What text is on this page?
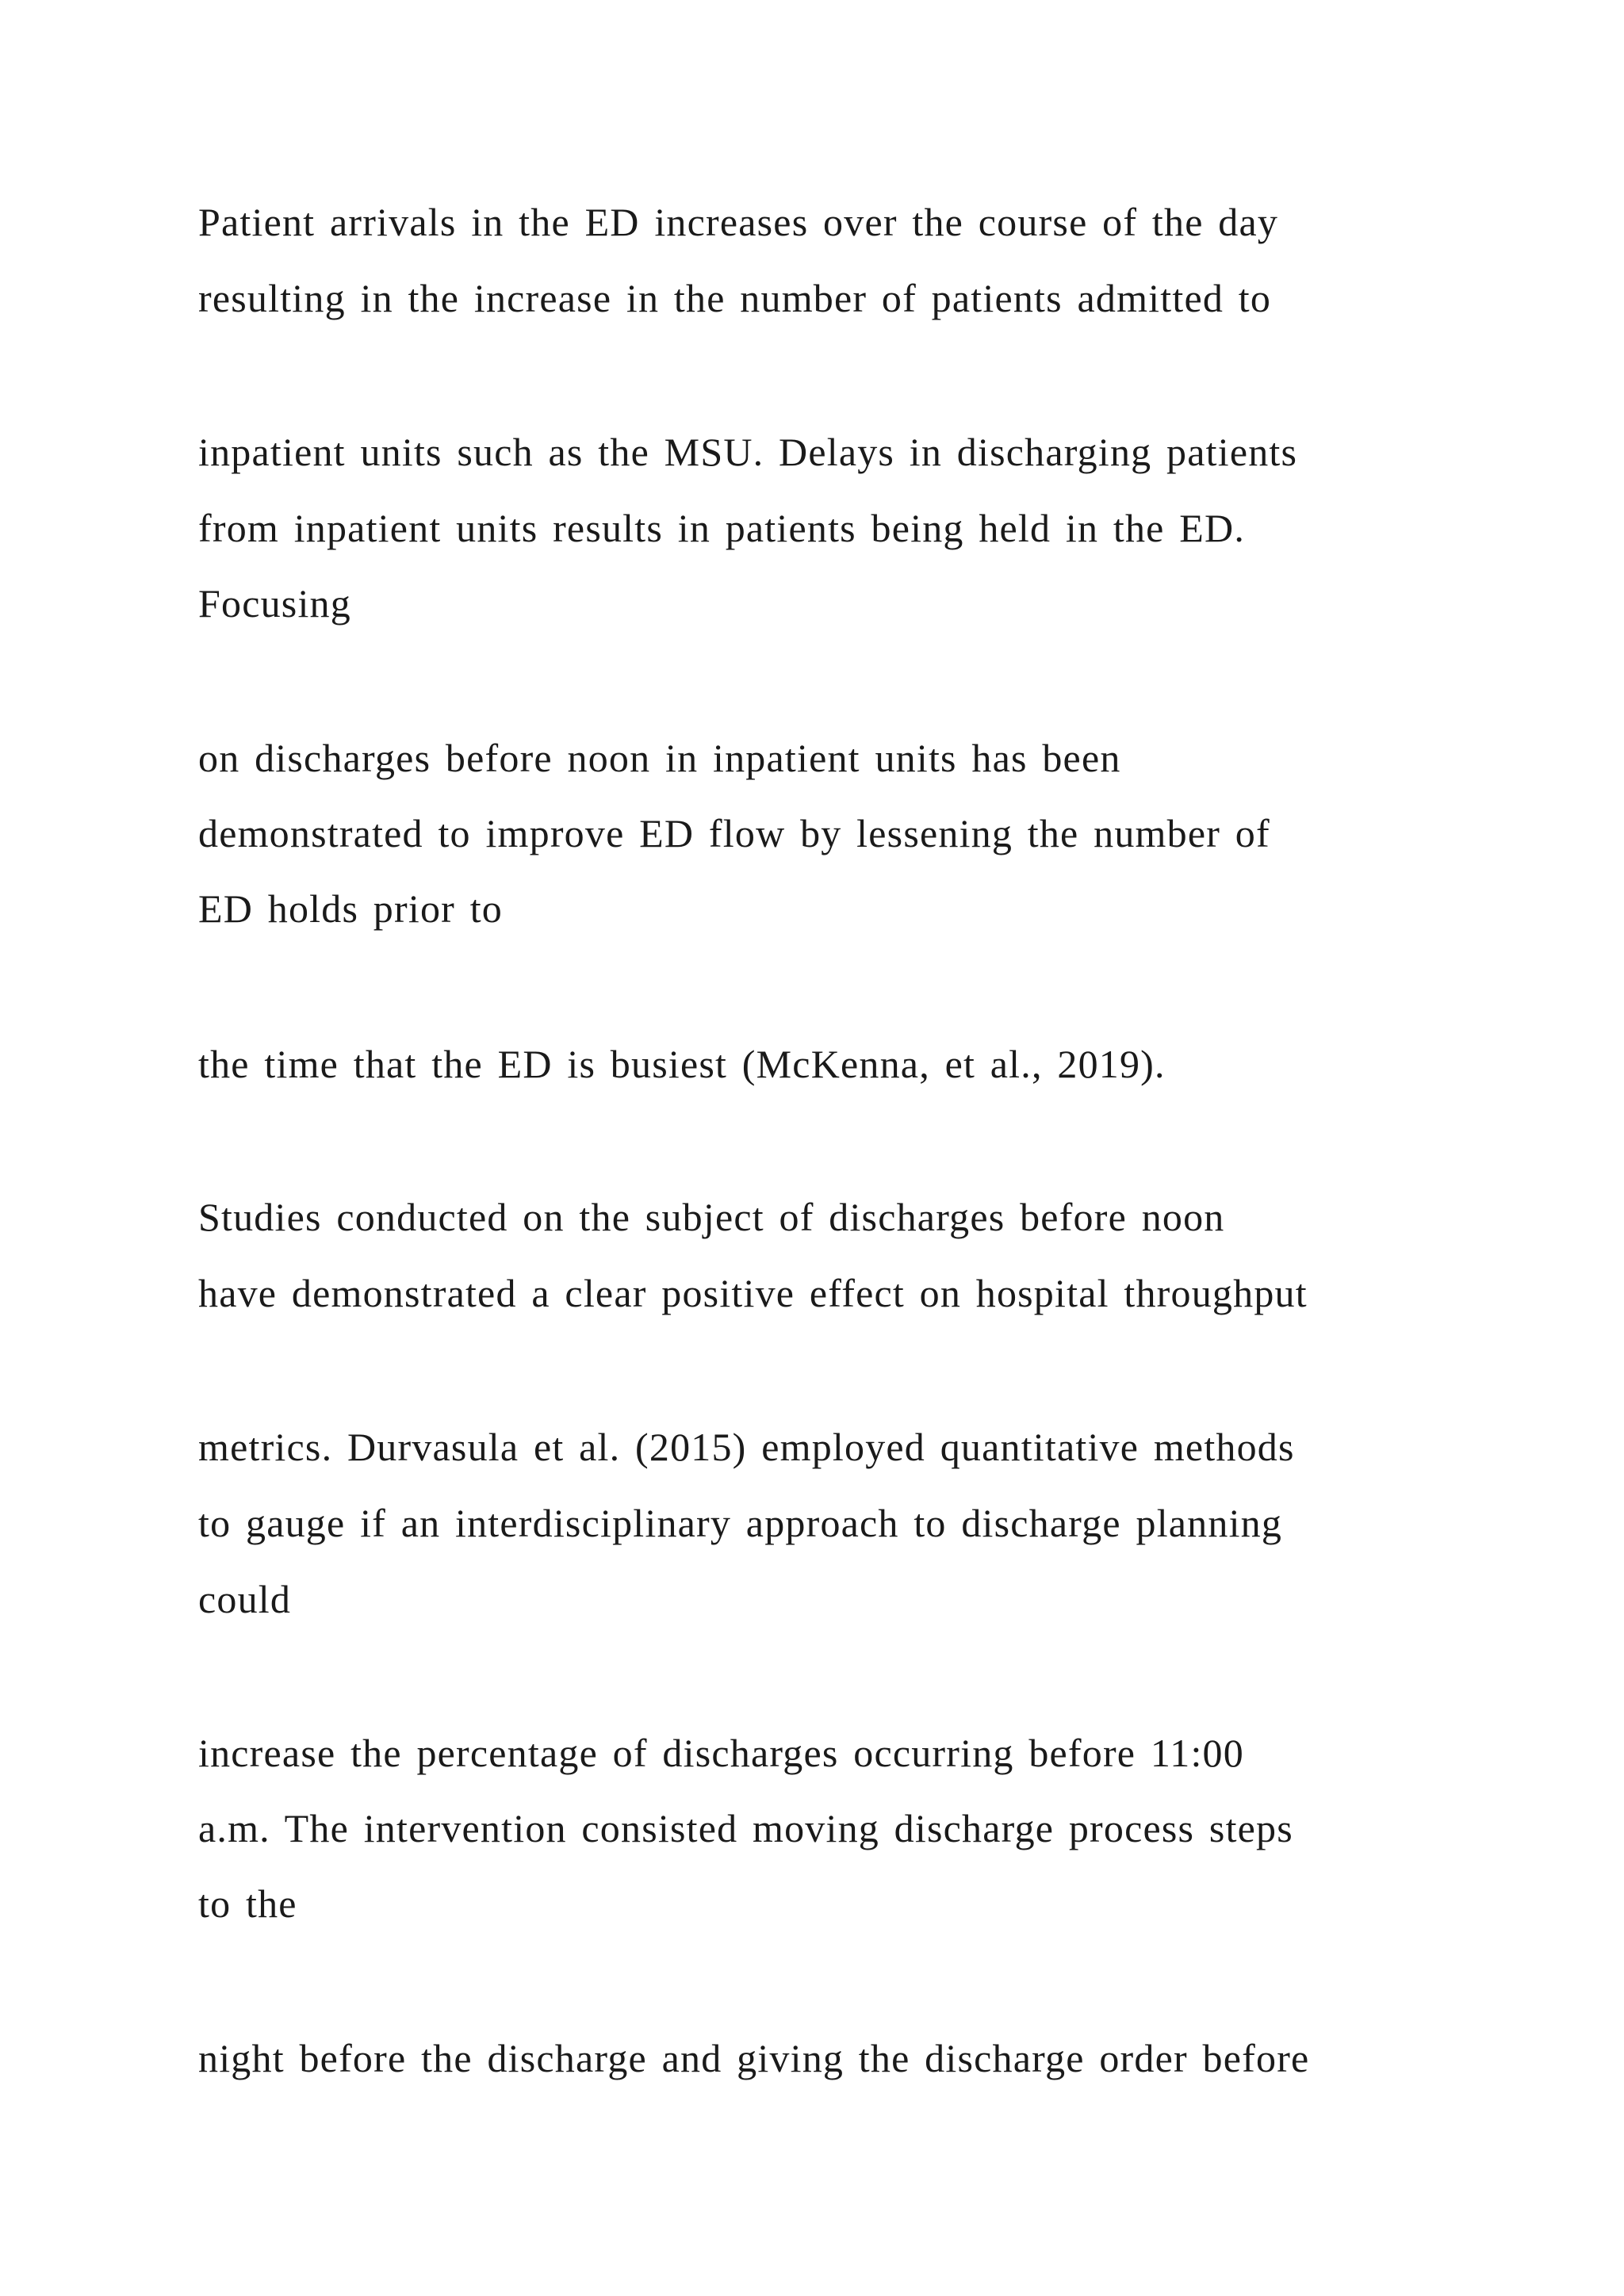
Patient arrivals in the ED increases over the course of the day

resulting in the increase in the number of patients admitted to

inpatient units such as the MSU. Delays in discharging patients

from inpatient units results in patients being held in the ED.

Focusing

on discharges before noon in inpatient units has been

demonstrated to improve ED flow by lessening the number of

ED holds prior to

the time that the ED is busiest (McKenna, et al., 2019).

Studies conducted on the subject of discharges before noon

have demonstrated a clear positive effect on hospital throughput

metrics. Durvasula et al. (2015) employed quantitative methods

to gauge if an interdisciplinary approach to discharge planning

could

increase the percentage of discharges occurring before 11:00

a.m. The intervention consisted moving discharge process steps

to the

night before the discharge and giving the discharge order before
